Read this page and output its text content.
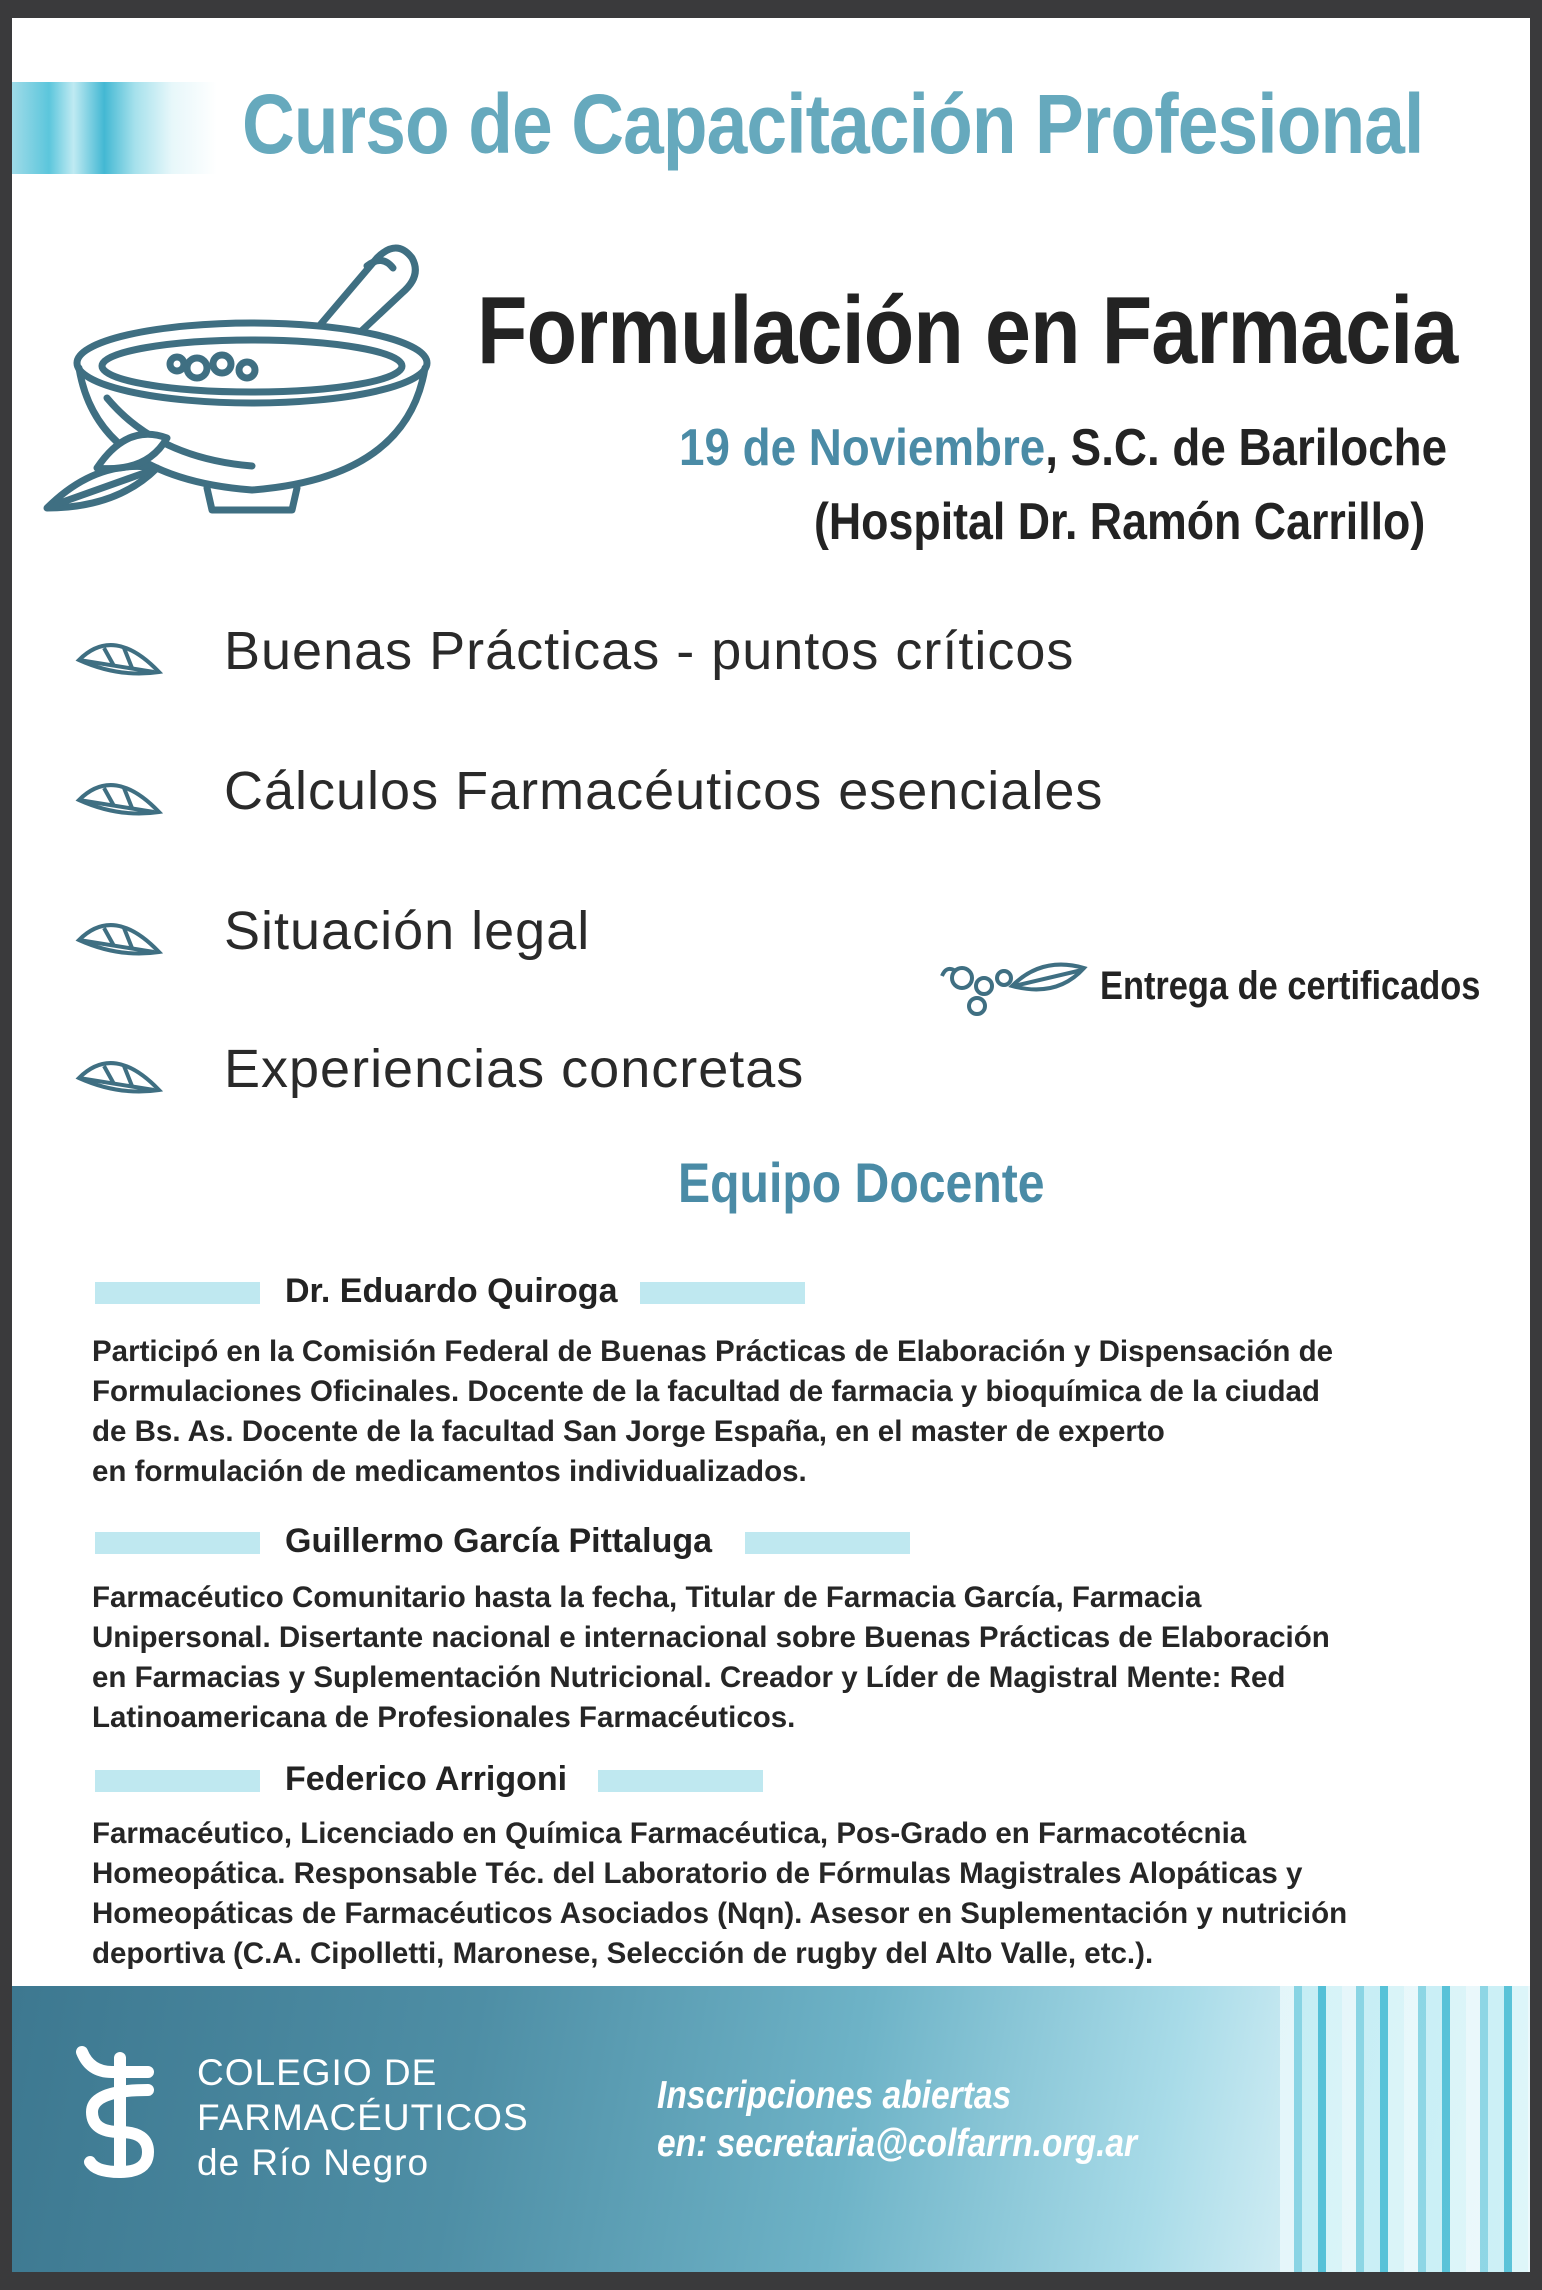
Curso de Capacitación Profesional
Formulación en Farmacia
19 de Noviembre, S.C. de Bariloche
(Hospital Dr. Ramón Carrillo)
Buenas Prácticas - puntos críticos
Cálculos Farmacéuticos esenciales
Situación legal
Experiencias concretas
Entrega de certificados
Equipo Docente
Dr. Eduardo Quiroga

Participó en la Comisión Federal de Buenas Prácticas de Elaboración y Dispensación de

Formulaciones Oficinales. Docente de la facultad de farmacia y bioquímica de la ciudad

de Bs. As. Docente de la facultad San Jorge España, en el master de experto

en formulación de medicamentos individualizados.

Guillermo García Pittaluga

Farmacéutico Comunitario hasta la fecha, Titular de Farmacia García, Farmacia

Unipersonal. Disertante nacional e internacional sobre Buenas Prácticas de Elaboración

en Farmacias y Suplementación Nutricional. Creador y Líder de Magistral Mente: Red

Latinoamericana de Profesionales Farmacéuticos.

Federico Arrigoni

Farmacéutico, Licenciado en Química Farmacéutica, Pos-Grado en Farmacotécnia

Homeopática. Responsable Téc. del Laboratorio de Fórmulas Magistrales Alopáticas y

Homeopáticas de Farmacéuticos Asociados (Nqn). Asesor en Suplementación y nutrición

deportiva (C.A. Cipolletti, Maronese, Selección de rugby del Alto Valle, etc.).

COLEGIO DE
FARMACÉUTICOS
de Río Negro
Inscripciones abiertas
en: secretaria@colfarrn.org.ar
